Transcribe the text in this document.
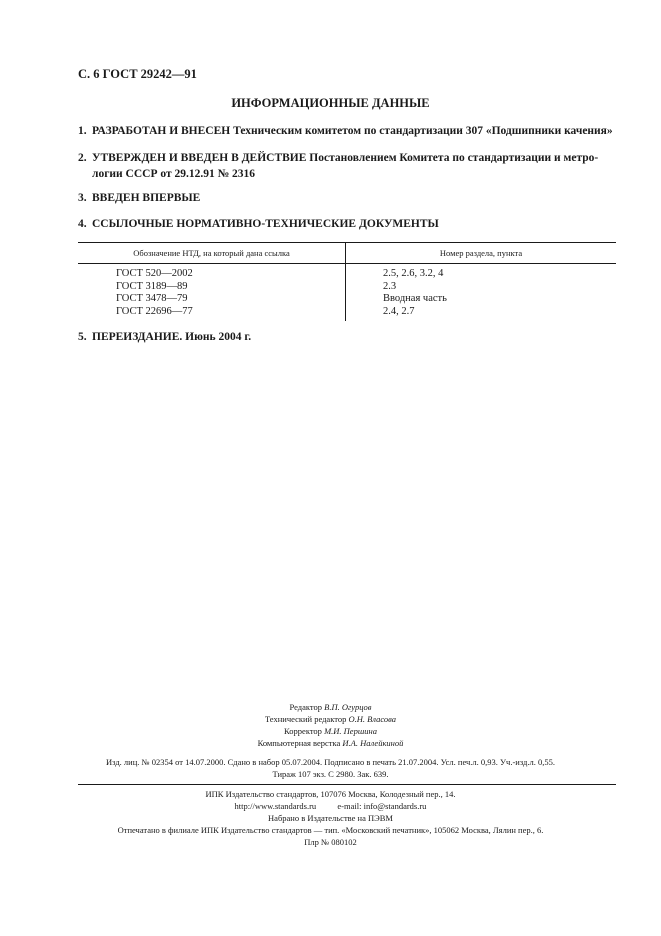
С. 6 ГОСТ 29242—91
ИНФОРМАЦИОННЫЕ ДАННЫЕ
1. РАЗРАБОТАН И ВНЕСЕН Техническим комитетом по стандартизации 307 «Подшипники качения»
2. УТВЕРЖДЕН И ВВЕДЕН В ДЕЙСТВИЕ Постановлением Комитета по стандартизации и метро-
логии СССР от 29.12.91 № 2316
3. ВВЕДЕН ВПЕРВЫЕ
4. ССЫЛОЧНЫЕ НОРМАТИВНО-ТЕХНИЧЕСКИЕ ДОКУМЕНТЫ
Обозначение НТД, на который дана ссылка	Номер раздела, пункта
ГОСТ 520—2002	2.5, 2.6, 3.2, 4
ГОСТ 3189—89	2.3
ГОСТ 3478—79	Вводная часть
ГОСТ 22696—77	2.4, 2.7
5. ПЕРЕИЗДАНИЕ. Июнь 2004 г.
Редактор В.П. Огурцов
Технический редактор О.Н. Власова
Корректор М.И. Першина
Компьютерная верстка И.А. Налейкиной
Изд. лиц. № 02354 от 14.07.2000. Сдано в набор 05.07.2004. Подписано в печать 21.07.2004. Усл. печ.л. 0,93. Уч.-изд.л. 0,55.
Тираж 107 экз. С 2980. Зак. 639.
ИПК Издательство стандартов, 107076 Москва, Колодезный пер., 14.
http://www.standards.ru	e-mail: info@standards.ru
Набрано в Издательстве на ПЭВМ
Отпечатано в филиале ИПК Издательство стандартов — тип. «Московский печатник», 105062 Москва, Лялин пер., 6.
Плр № 080102
